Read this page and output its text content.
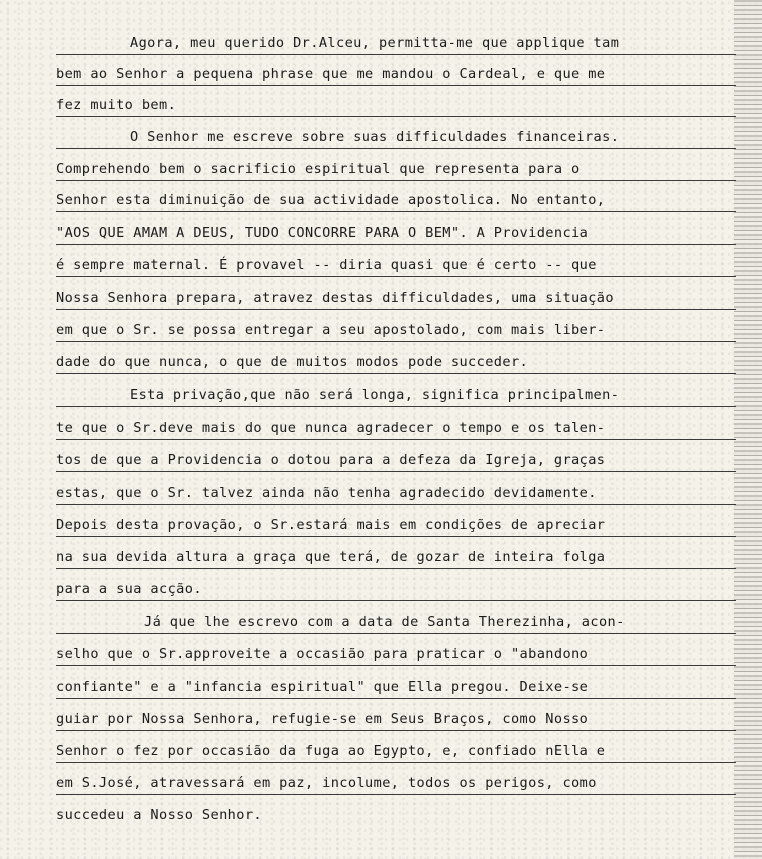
Agora, meu querido Dr.Alceu, permitta-me que applique tam
bem ao Senhor a pequena phrase que me mandou o Cardeal, e que me
fez muito bem.
O Senhor me escreve sobre suas difficuldades financeiras.
Comprehendo bem o sacrificio espiritual que representa para o
Senhor esta diminuição de sua actividade apostolica. No entanto,
"AOS QUE AMAM A DEUS, TUDO CONCORRE PARA O BEM". A Providencia
é sempre maternal. É provavel -- diria quasi que é certo -- que
Nossa Senhora prepara, atravez destas difficuldades, uma situação
em que o Sr. se possa entregar a seu apostolado, com mais liber-
dade do que nunca, o que de muitos modos pode succeder.
Esta privação,que não será longa, significa principalmen-
te que o Sr.deve mais do que nunca agradecer o tempo e os talen-
tos de que a Providencia o dotou para a defeza da Igreja, graças
estas, que o Sr. talvez ainda não tenha agradecido devidamente.
Depois desta provação, o Sr.estará mais em condições de apreciar
na sua devida altura a graça que terá, de gozar de inteira folga
para a sua acção.
Já que lhe escrevo com a data de Santa Therezinha, acon-
selho que o Sr.approveite a occasião para praticar o "abandono
confiante" e a "infancia espiritual" que Ella pregou. Deixe-se
guiar por Nossa Senhora, refugie-se em Seus Braços, como Nosso
Senhor o fez por occasião da fuga ao Egypto, e, confiado nElla e
em S.José, atravessará em paz, incolume, todos os perigos, como
succedeu a Nosso Senhor.
